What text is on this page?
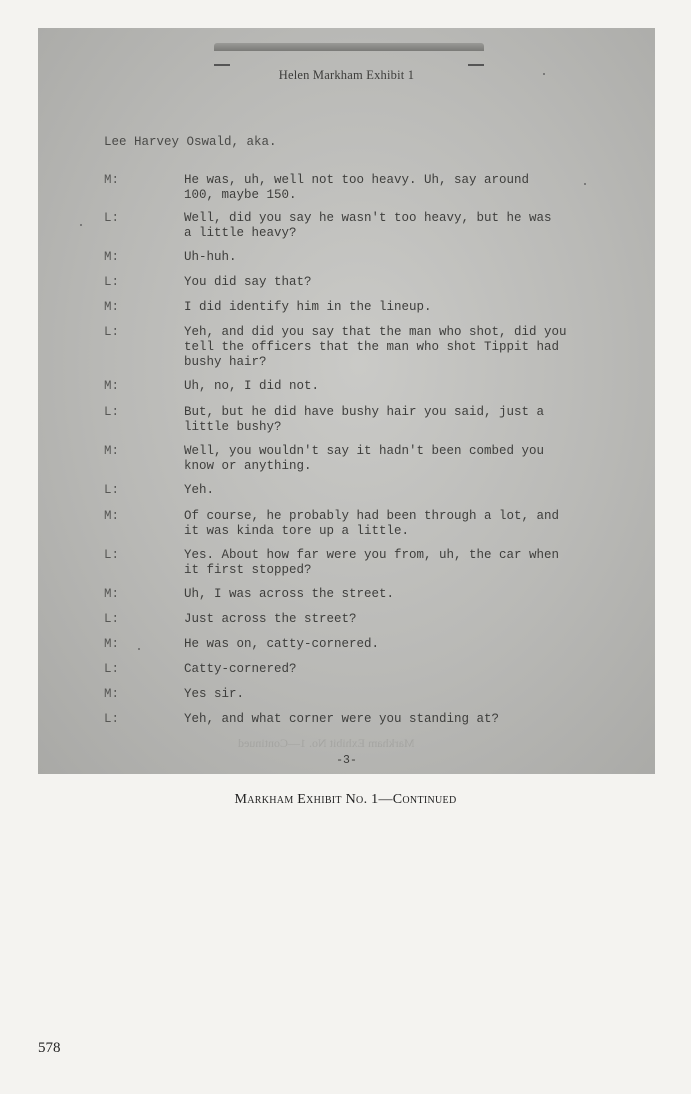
Helen Markham Exhibit 1
Lee Harvey Oswald, aka.
M:	He was, uh, well not too heavy. Uh, say around
100, maybe 150.
L:	Well, did you say he wasn't too heavy, but he was
a little heavy?
M:	Uh-huh.
L:	You did say that?
M:	I did identify him in the lineup.
L:	Yeh, and did you say that the man who shot, did you
tell the officers that the man who shot Tippit had
bushy hair?
M:	Uh, no, I did not.
L:	But, but he did have bushy hair you said, just a
little bushy?
M:	Well, you wouldn't say it hadn't been combed you
know or anything.
L:	Yeh.
M:	Of course, he probably had been through a lot, and
it was kinda tore up a little.
L:	Yes. About how far were you from, uh, the car when
it first stopped?
M:	Uh, I was across the street.
L:	Just across the street?
M:	He was on, catty-cornered.
L:	Catty-cornered?
M:	Yes sir.
L:	Yeh, and what corner were you standing at?
Markham Exhibit No. 1—Continued
-3-
Markham Exhibit No. 1—Continued
578
